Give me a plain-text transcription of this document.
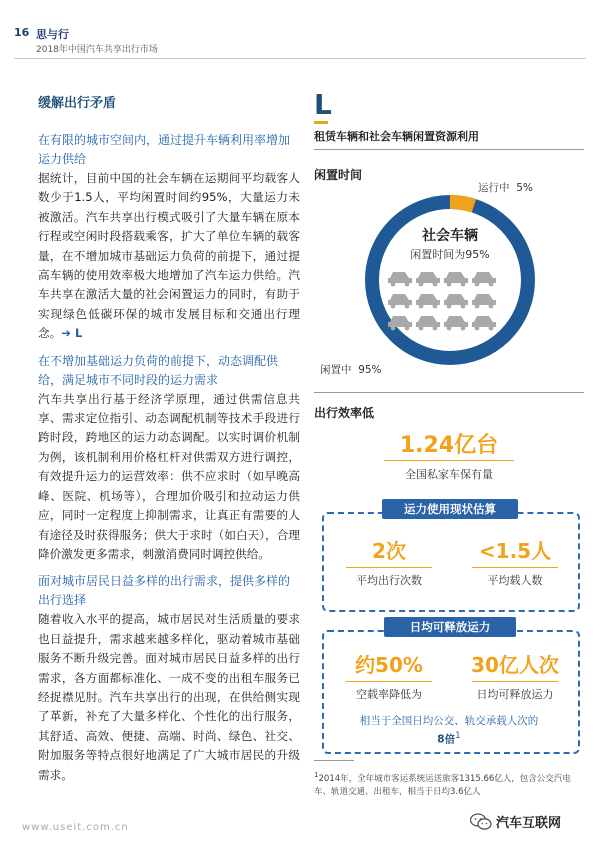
16 思与行
2018年中国汽车共享出行市场
缓解出行矛盾
在有限的城市空间内，通过提升车辆利用率增加运力供给
据统计，目前中国的社会车辆在运期间平均载客人数少于1.5人，平均闲置时间约95%，大量运力未被激活。汽车共享出行模式吸引了大量车辆在原本行程或空闲时段搭载乘客，扩大了单位车辆的载客量，在不增加城市基础运力负荷的前提下，通过提高车辆的使用效率极大地增加了汽车运力供给。汽车共享在激活大量的社会闲置运力的同时，有助于实现绿色低碳环保的城市发展目标和交通出行理念。➔ L
在不增加基础运力负荷的前提下，动态调配供给，满足城市不同时段的运力需求
汽车共享出行基于经济学原理，通过供需信息共享、需求定位指引、动态调配机制等技术手段进行跨时段，跨地区的运力动态调配。以实时调价机制为例，该机制利用价格杠杆对供需双方进行调控，有效提升运力的运营效率：供不应求时（如早晚高峰、医院、机场等），合理加价吸引和拉动运力供应，同时一定程度上抑制需求，让真正有需要的人有途径及时获得服务；供大于求时（如白天），合理降价激发更多需求，刺激消费同时调控供给。
面对城市居民日益多样的出行需求，提供多样的出行选择
随着收入水平的提高，城市居民对生活质量的要求也日益提升，需求越来越多样化，驱动着城市基础服务不断升级完善。面对城市居民日益多样的出行需求，各方面都标准化、一成不变的出租车服务已经捉襟见肘。汽车共享出行的出现，在供给侧实现了革新，补充了大量多样化、个性化的出行服务，其舒适、高效、便捷、高端、时尚、绿色、社交、附加服务等特点很好地满足了广大城市居民的升级需求。
L
租赁车辆和社会车辆闲置资源利用
闲置时间
运行中 5%
闲置中 95%
社会车辆
闲置时间为95%
出行效率低
1.24亿台
全国私家车保有量
运力使用现状估算
2次
平均出行次数
<1.5人
平均载人数
日均可释放运力
约50%
空载率降低为
30亿人次
日均可释放运力
相当于全国日均公交、轨交承载人次的
8倍$^1$
$^1$2014年，全年城市客运系统运送旅客1315.66亿人，包含公交汽电车、轨道交通、出租车，相当于日均3.6亿人
www.useit.com.cn	汽车互联网
